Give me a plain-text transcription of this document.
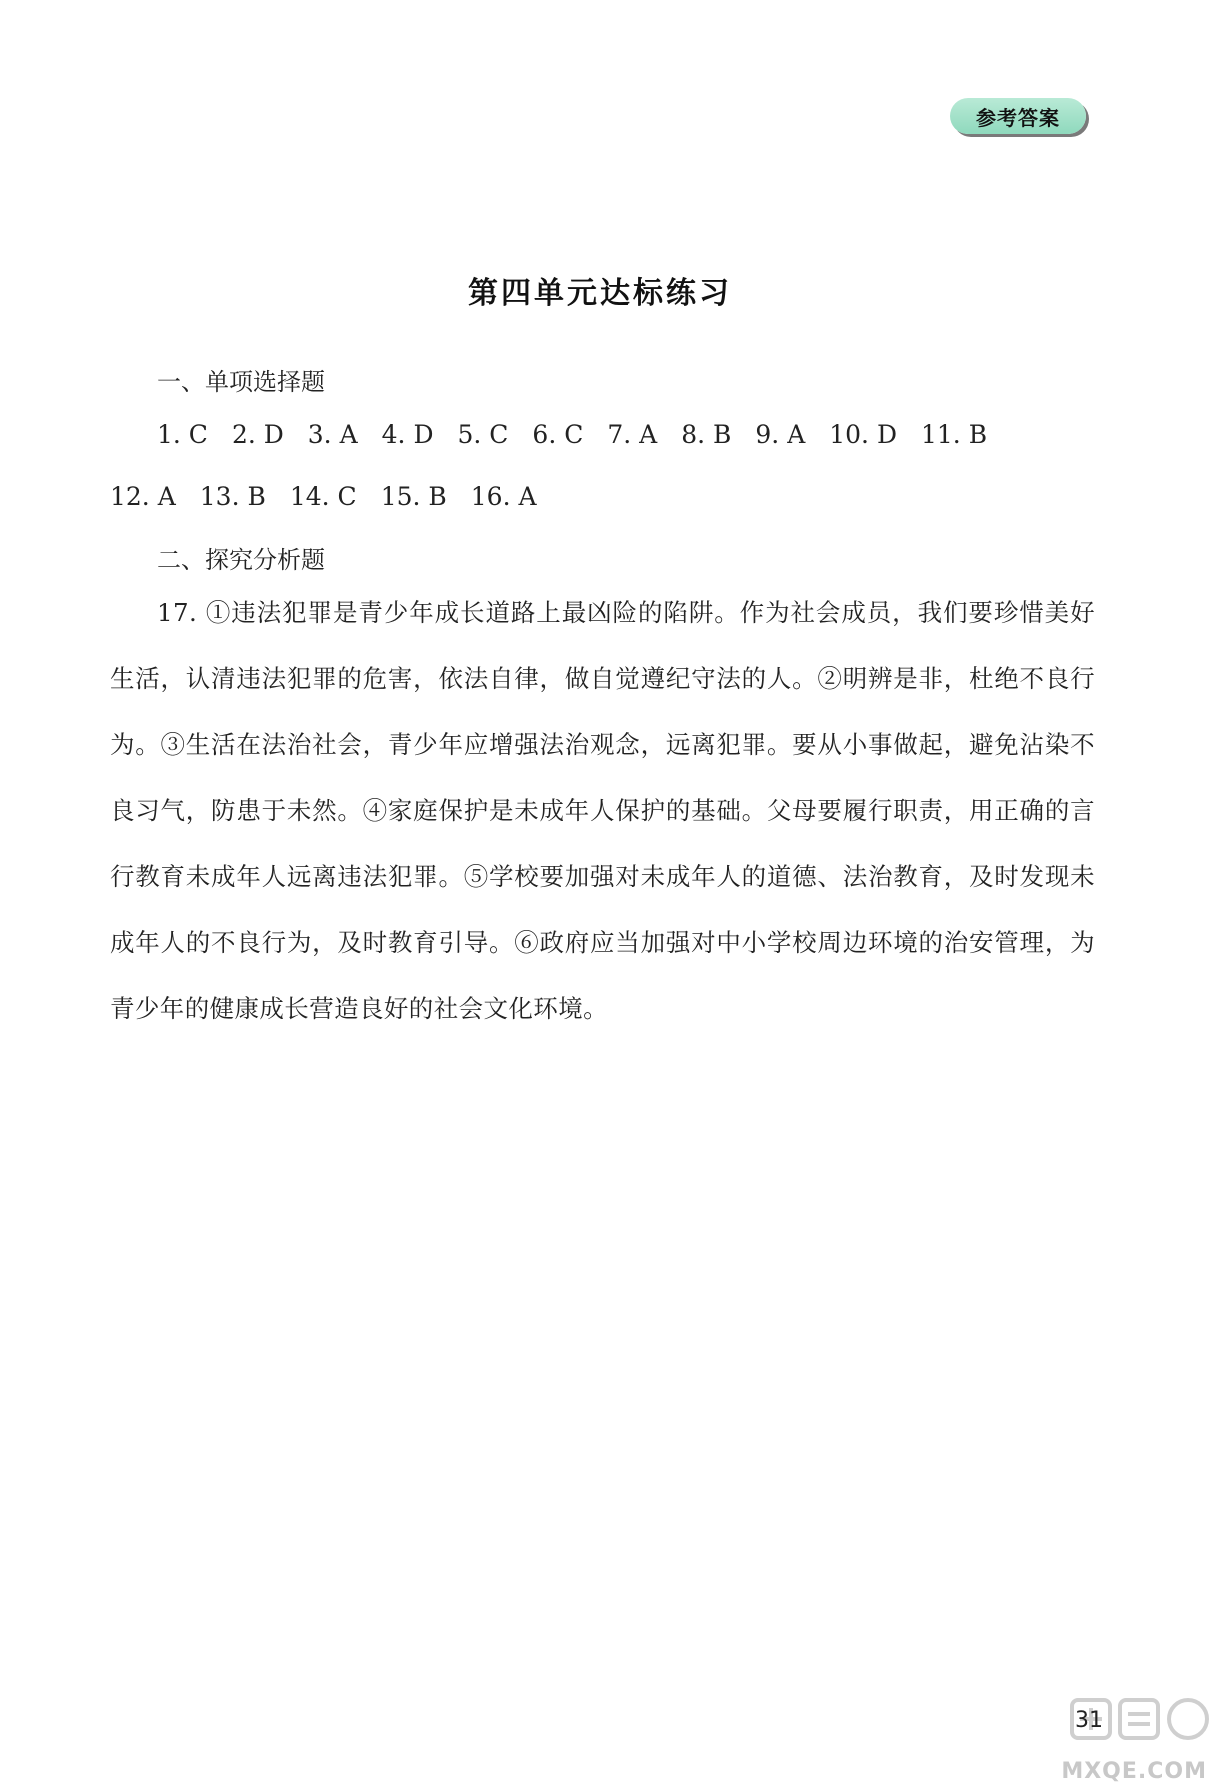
参考答案
第四单元达标练习
一、单项选择题
1. C 2. D 3. A 4. D 5. C 6. C 7. A 8. B 9. A 10. D 11. B
12. A 13. B 14. C 15. B 16. A
二、探究分析题
17. ①违法犯罪是青少年成长道路上最凶险的陷阱。作为社会成员，我们要珍惜美好生活，认清违法犯罪的危害，依法自律，做自觉遵纪守法的人。②明辨是非，杜绝不良行为。③生活在法治社会，青少年应增强法治观念，远离犯罪。要从小事做起，避免沾染不良习气，防患于未然。④家庭保护是未成年人保护的基础。父母要履行职责，用正确的言行教育未成年人远离违法犯罪。⑤学校要加强对未成年人的道德、法治教育，及时发现未成年人的不良行为，及时教育引导。⑥政府应当加强对中小学校周边环境的治安管理，为青少年的健康成长营造良好的社会文化环境。
MXQE.COM
31
